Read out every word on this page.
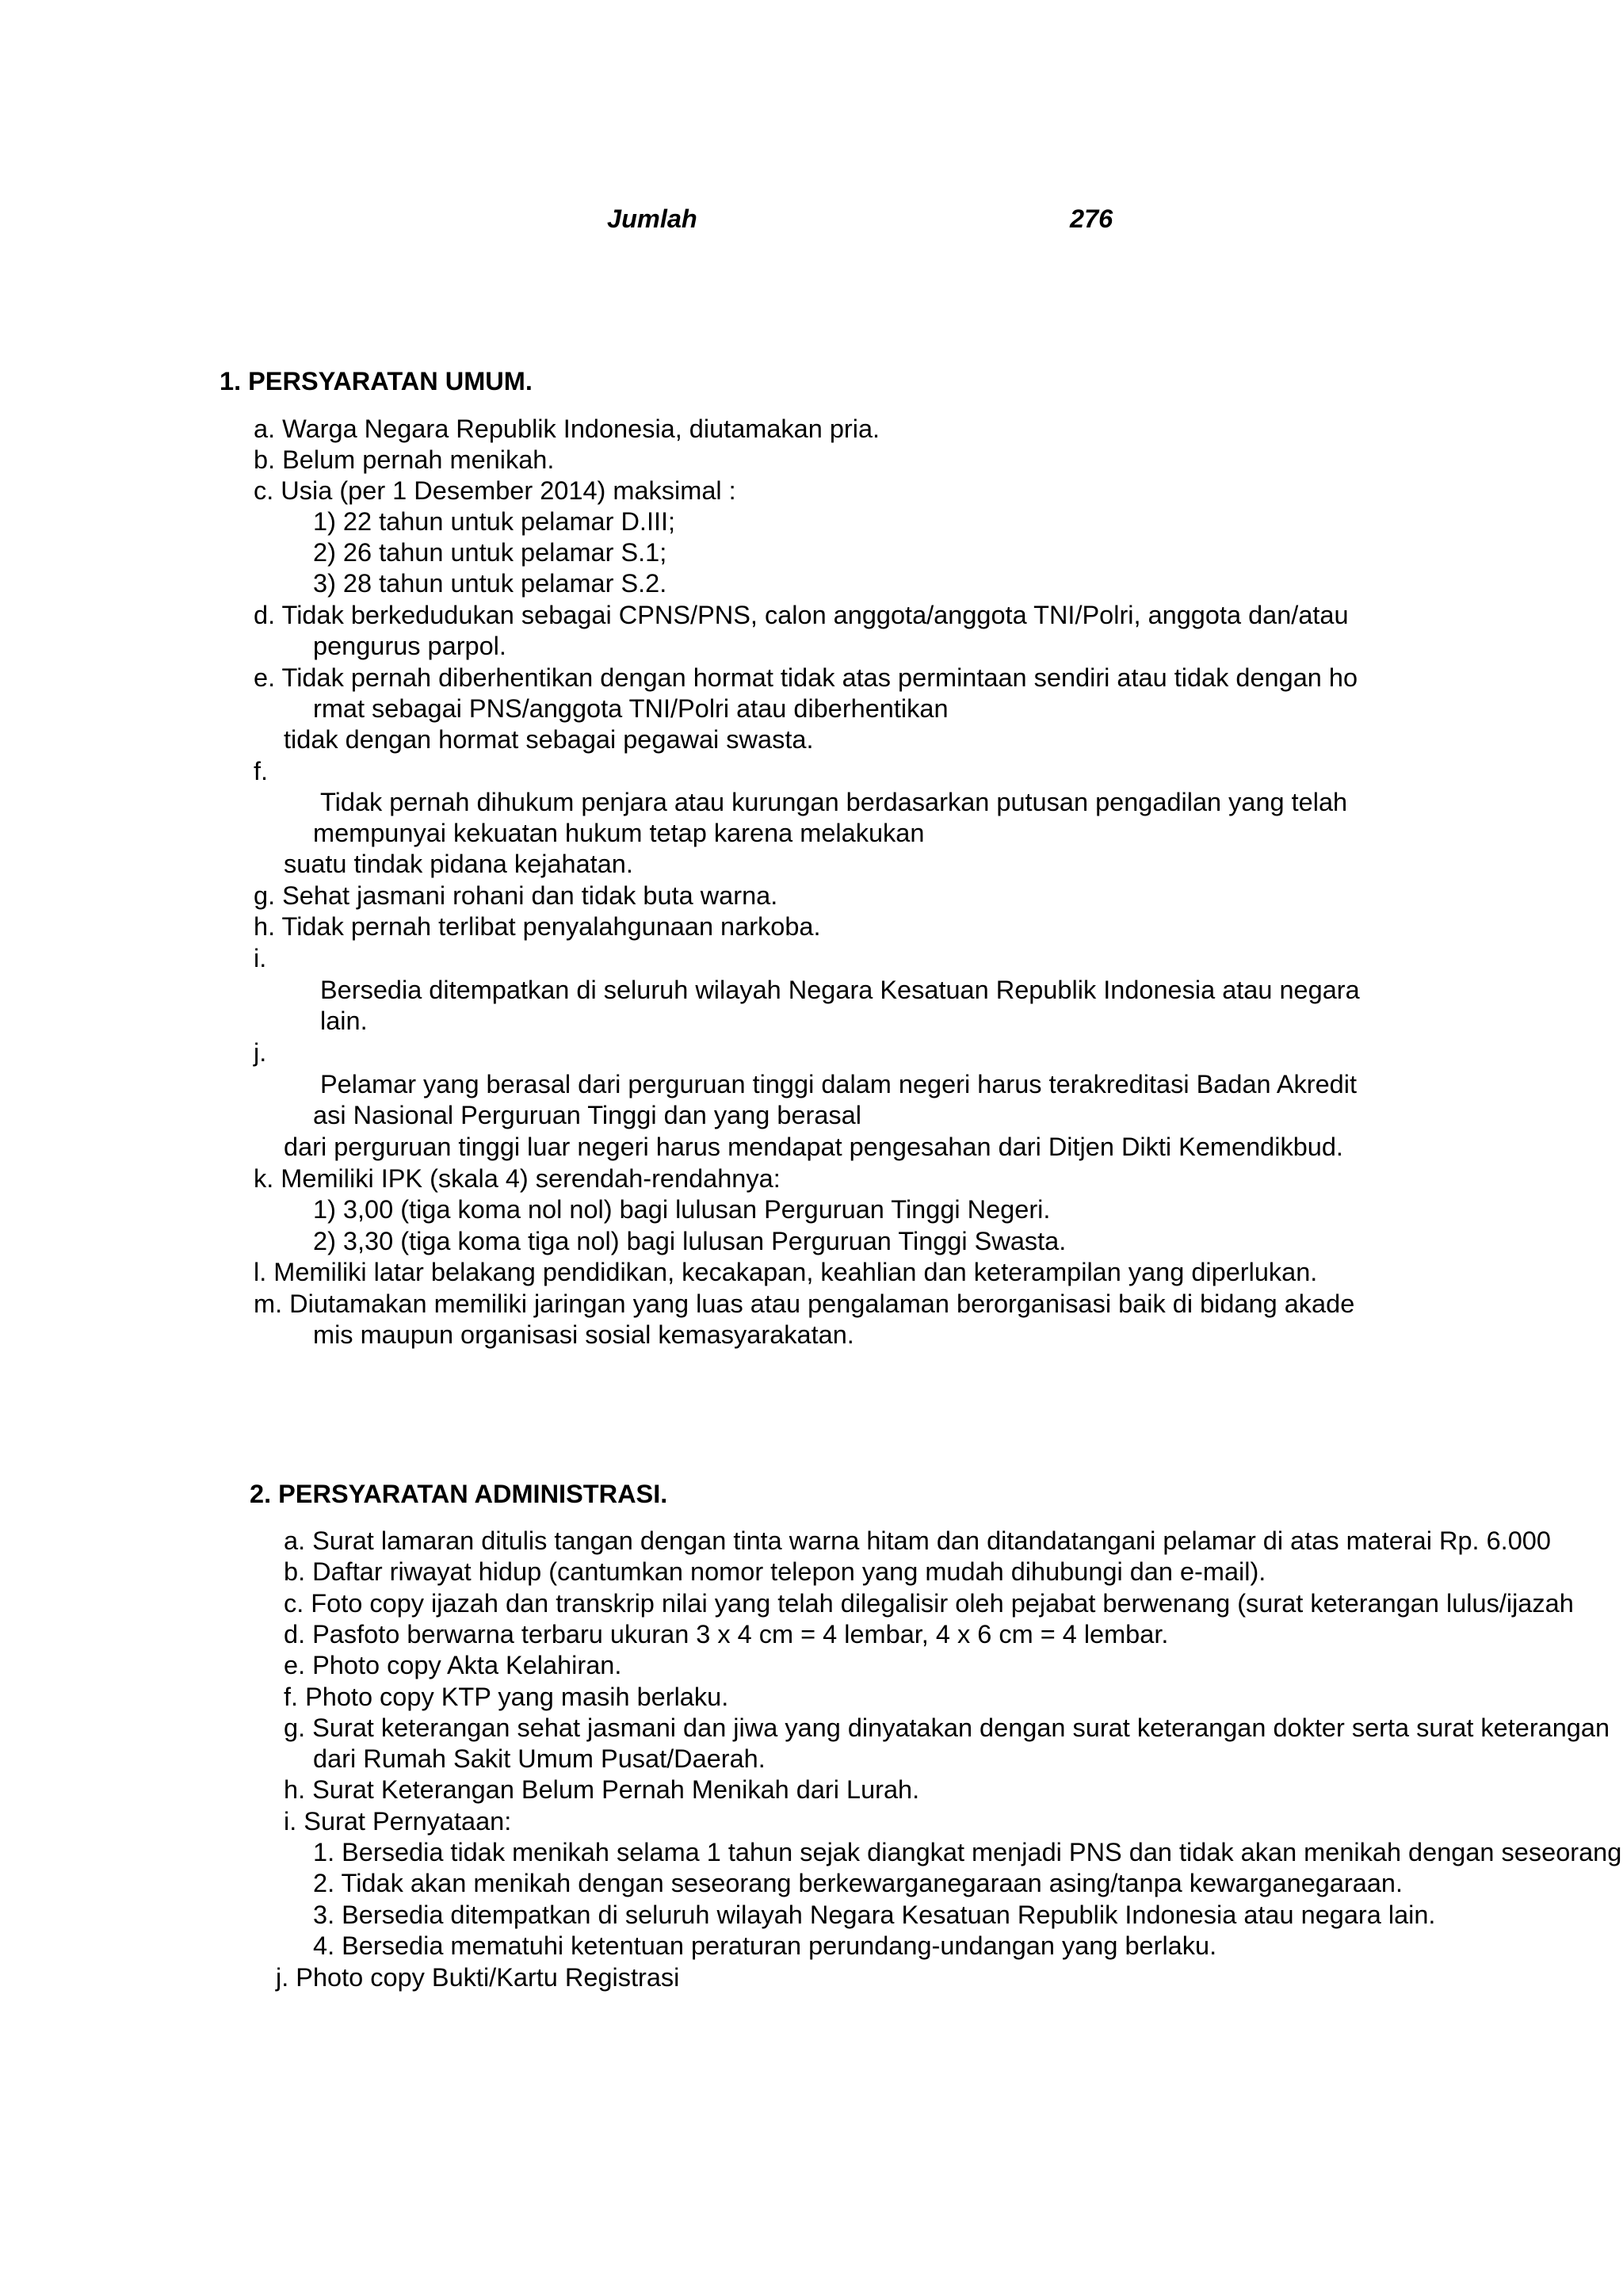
Jumlah	276
1. PERSYARATAN UMUM.
a. Warga Negara Republik Indonesia, diutamakan pria.
b. Belum pernah menikah.
c. Usia (per 1 Desember 2014) maksimal :
1) 22 tahun untuk pelamar D.III;
2) 26 tahun untuk pelamar S.1;
3) 28 tahun untuk pelamar S.2.
d. Tidak berkedudukan sebagai CPNS/PNS, calon anggota/anggota TNI/Polri, anggota dan/atau
pengurus parpol.
e. Tidak pernah diberhentikan dengan hormat tidak atas permintaan sendiri atau tidak dengan ho
rmat sebagai PNS/anggota TNI/Polri atau diberhentikan
tidak dengan hormat sebagai pegawai swasta.
f.
Tidak pernah dihukum penjara atau kurungan berdasarkan putusan pengadilan yang telah
mempunyai kekuatan hukum tetap karena melakukan
suatu tindak pidana kejahatan.
g. Sehat jasmani rohani dan tidak buta warna.
h. Tidak pernah terlibat penyalahgunaan narkoba.
i.
Bersedia ditempatkan di seluruh wilayah Negara Kesatuan Republik Indonesia atau negara
lain.
j.
Pelamar yang berasal dari perguruan tinggi dalam negeri harus terakreditasi Badan Akredit
asi Nasional Perguruan Tinggi dan yang berasal
dari perguruan tinggi luar negeri harus mendapat pengesahan dari Ditjen Dikti Kemendikbud.
k. Memiliki IPK (skala 4) serendah-rendahnya:
1) 3,00 (tiga koma nol nol) bagi lulusan Perguruan Tinggi Negeri.
2) 3,30 (tiga koma tiga nol) bagi lulusan Perguruan Tinggi Swasta.
l. Memiliki latar belakang pendidikan, kecakapan, keahlian dan keterampilan yang diperlukan.
m. Diutamakan memiliki jaringan yang luas atau pengalaman berorganisasi baik di bidang akade
mis maupun organisasi sosial kemasyarakatan.
2. PERSYARATAN ADMINISTRASI.
a. Surat lamaran ditulis tangan dengan tinta warna hitam dan ditandatangani pelamar di atas materai Rp. 6.000
b. Daftar riwayat hidup (cantumkan nomor telepon yang mudah dihubungi dan e-mail).
c. Foto copy ijazah dan transkrip nilai yang telah dilegalisir oleh pejabat berwenang (surat keterangan lulus/ijazah
d. Pasfoto berwarna terbaru ukuran 3 x 4 cm = 4 lembar, 4 x 6 cm = 4 lembar.
e. Photo copy Akta Kelahiran.
f. Photo copy KTP yang masih berlaku.
g. Surat keterangan sehat jasmani dan jiwa yang dinyatakan dengan surat keterangan dokter serta surat keterangan
dari Rumah Sakit Umum Pusat/Daerah.
h. Surat Keterangan Belum Pernah Menikah dari Lurah.
i. Surat Pernyataan:
1. Bersedia tidak menikah selama 1 tahun sejak diangkat menjadi PNS dan tidak akan menikah dengan seseorang
2. Tidak akan menikah dengan seseorang berkewarganegaraan asing/tanpa kewarganegaraan.
3. Bersedia ditempatkan di seluruh wilayah Negara Kesatuan Republik Indonesia atau negara lain.
4. Bersedia mematuhi ketentuan peraturan perundang-undangan yang berlaku.
j. Photo copy Bukti/Kartu Registrasi
